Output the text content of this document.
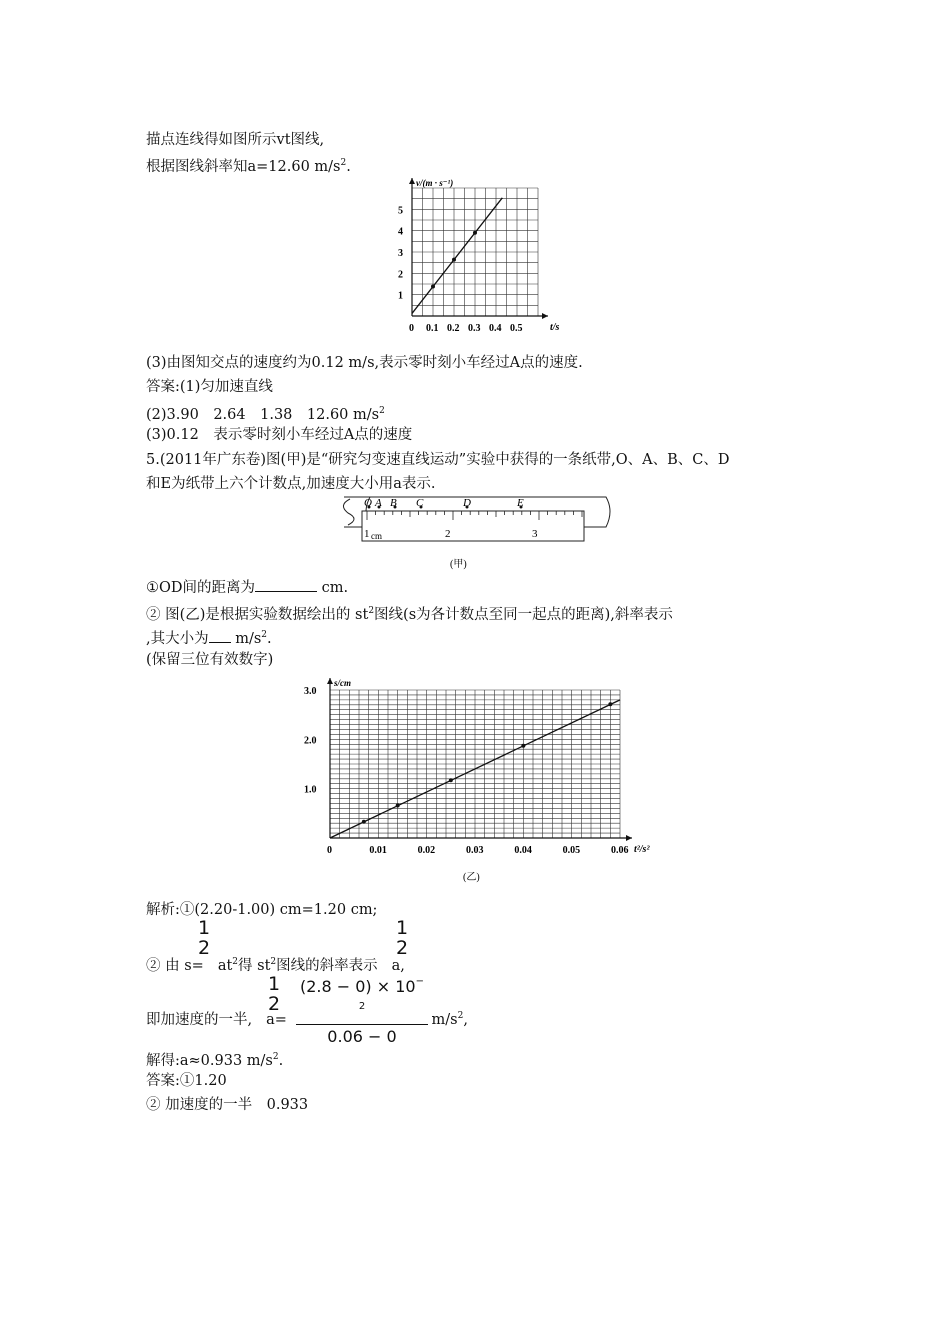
描点连线得如图所示vt图线,
根据图线斜率知a=12.60 $m/s^2$.
0 0.1 0.2 0.3 0.4 0.5
1
2
3
4
5
t/s
v/(m · s⁻¹)
(3)由图知交点的速度约为0.12 m/s,表示零时刻小车经过A点的速度.
答案:(1)匀加速直线
(2)3.90　2.64　1.38　12.60 $m/s^2$
(3)0.12　表示零时刻小车经过A点的速度
5.(2011年广东卷)图(甲)是“研究匀变速直线运动”实验中获得的一条纸带,O、A、B、C、D
和E为纸带上六个计数点,加速度大小用a表示.
O A B C	D	E
1 cm	2	3
(甲)
①OD间的距离为	cm.
② 图(乙)是根据实验数据绘出的 $st^2$图线(s为各计数点至同一起点的距离),斜率表示
,其大小为 $m/s^2$.
(保留三位有效数字)
0	0.01	0.02	0.03	0.04	0.05	0.06
1.0
2.0
3.0
t²/s²
s/cm
(乙)
解析:①(2.20-1.00) cm=1.20 cm;
② 由 $s= at^2$得 $st^2$图线的斜率表示 a,
1
2
1
2
即加速度的一半, a=	$m/s^2$,
1
2
$(2.8 - 0) \times 10^{- 2}$
0.06 − 0
解得:a≈0.933 $m/s^2$.
答案:①1.20
② 加速度的一半　0.933
